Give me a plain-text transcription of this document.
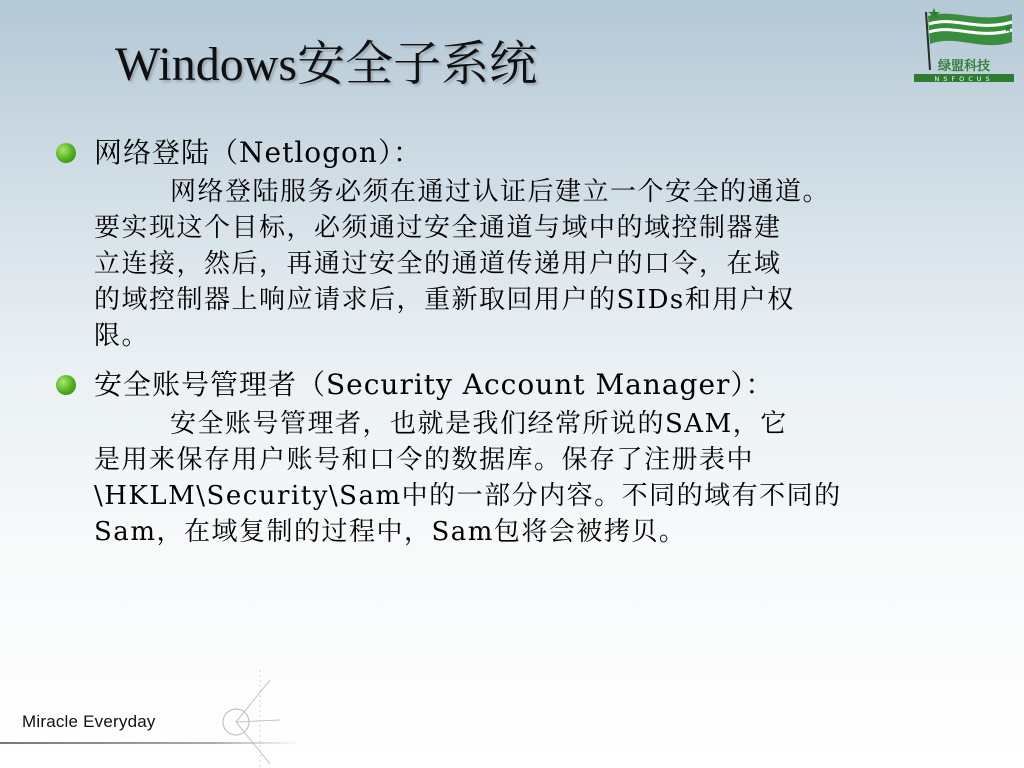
Windows安全子系统	绿盟科技
NSFOCUS
网络登陆（Netlogon）：
网络登陆服务必须在通过认证后建立一个安全的通道。
要实现这个目标，必须通过安全通道与域中的域控制器建
立连接，然后，再通过安全的通道传递用户的口令，在域
的域控制器上响应请求后，重新取回用户的SIDs和用户权
限。
安全账号管理者（Security Account Manager）：
安全账号管理者，也就是我们经常所说的SAM，它
是用来保存用户账号和口令的数据库。保存了注册表中
\HKLM\Security\Sam中的一部分内容。不同的域有不同的
Sam，在域复制的过程中，Sam包将会被拷贝。
Miracle Everyday
